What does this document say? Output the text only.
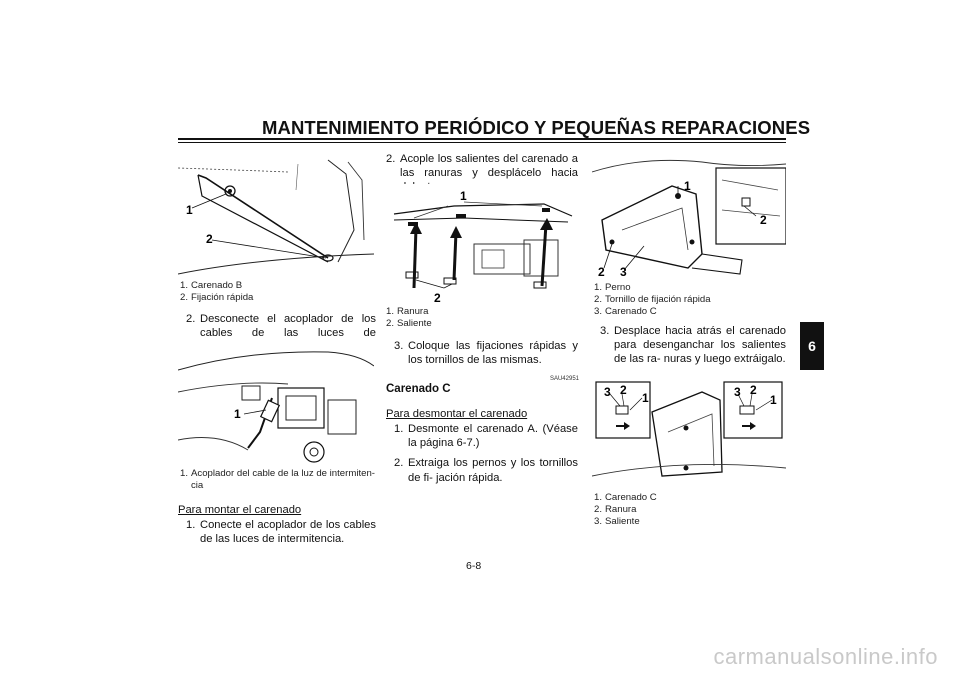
MANTENIMIENTO PERIÓDICO Y PEQUEÑAS REPARACIONES
6
1
2
1. Carenado B
2. Fijación rápida
2. Desconecte el acoplador de los cables de las luces de
1
1. Acoplador del cable de la luz de intermiten-
cia
Para montar el carenado
1. Conecte el acoplador de los cables de las luces de intermitencia.
2. Acople los salientes del carenado a las ranuras y desplácelo hacia
1
2
1. Ranura
2. Saliente
3. Coloque las fijaciones rápidas y los tornillos de las mismas.
SAU42951
Carenado C
Para desmontar el carenado
1. Desmonte el carenado A. (Véase la página 6-7.)
2. Extraiga los pernos y los tornillos de fi- jación rápida.
1
2
2 3
1. Perno
2. Tornillo de fijación rápida
3. Carenado C
3. Desplace hacia atrás el carenado para desenganchar los salientes de las ra- nuras y luego extráigalo.
3 2
1	3 2
1
1. Carenado C
2. Ranura
3. Saliente
6-8
carmanualsonline.info
